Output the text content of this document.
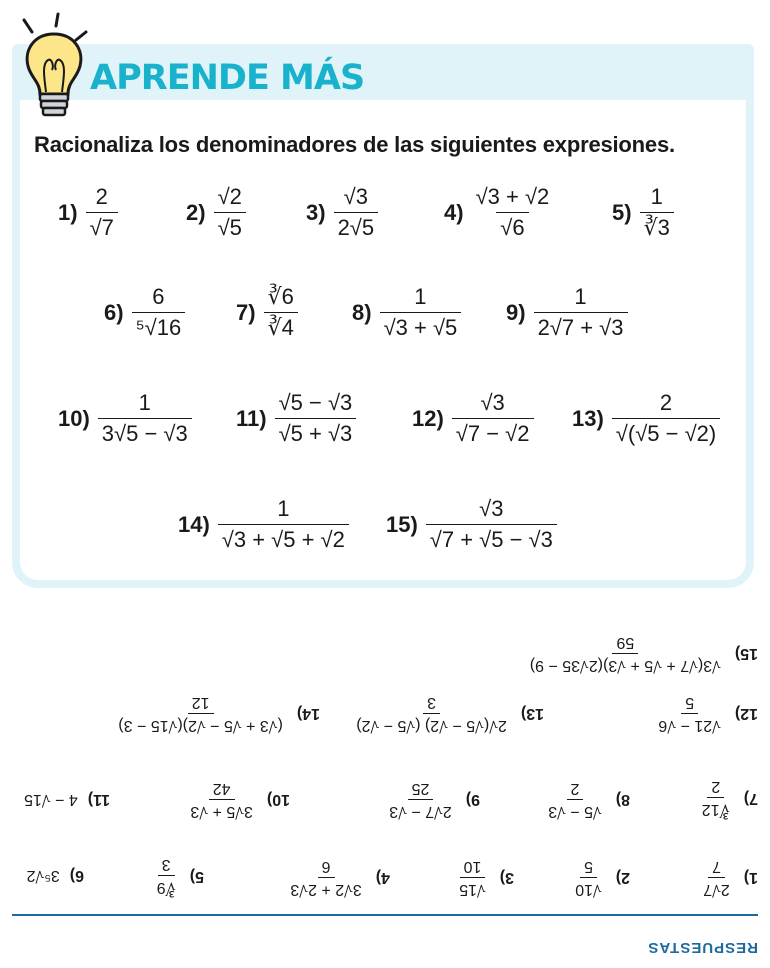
APRENDE MÁS
Racionaliza los denominadores de las siguientes expresiones.
$1) \frac{2}{√7}$	$2) \frac{√2}{√5}$	$3) \frac{√3}{2√5}$	$4) \frac{√3 + √2}{√6}$	$5) \frac{1}{∛3}$
$6) \frac{6}{\text{⁵√16}} 7) \frac{∛6}{∛4} 8) \frac{1}{√3 + √5} 9) \frac{1}{2√7 + √3}$
$10) \frac{1}{3√5 - √3} 11) \frac{√5 - √3}{√5 + √3}$	$12) \frac{√3}{√7 - √2} 13) \frac{2}{√(√5 - √2)}$
$14) \frac{1}{√3 + √5 + √2} 15) \frac{√3}{√7 + √5 - √3}$
RESPUESTAS
1)
2√7
7
2)
√10
5
3)
√15
10
4)
3√2 + 2√3
6
5)
∛9
3
6)
3⁵√2
7)
∛12
2
8)
√5 − √3
2
9)
2√7 − √3
25
10)
3√5 + √3
42
11)
4 − √15
12)
√21 − √6
5
13)
2√(√5 − √2) (√5 − √2)
3
14)
(√3 + √5 − √2)(√15 − 3)
12
15)
√3(√7 + √5 + √3)(2√35 − 9)
59
